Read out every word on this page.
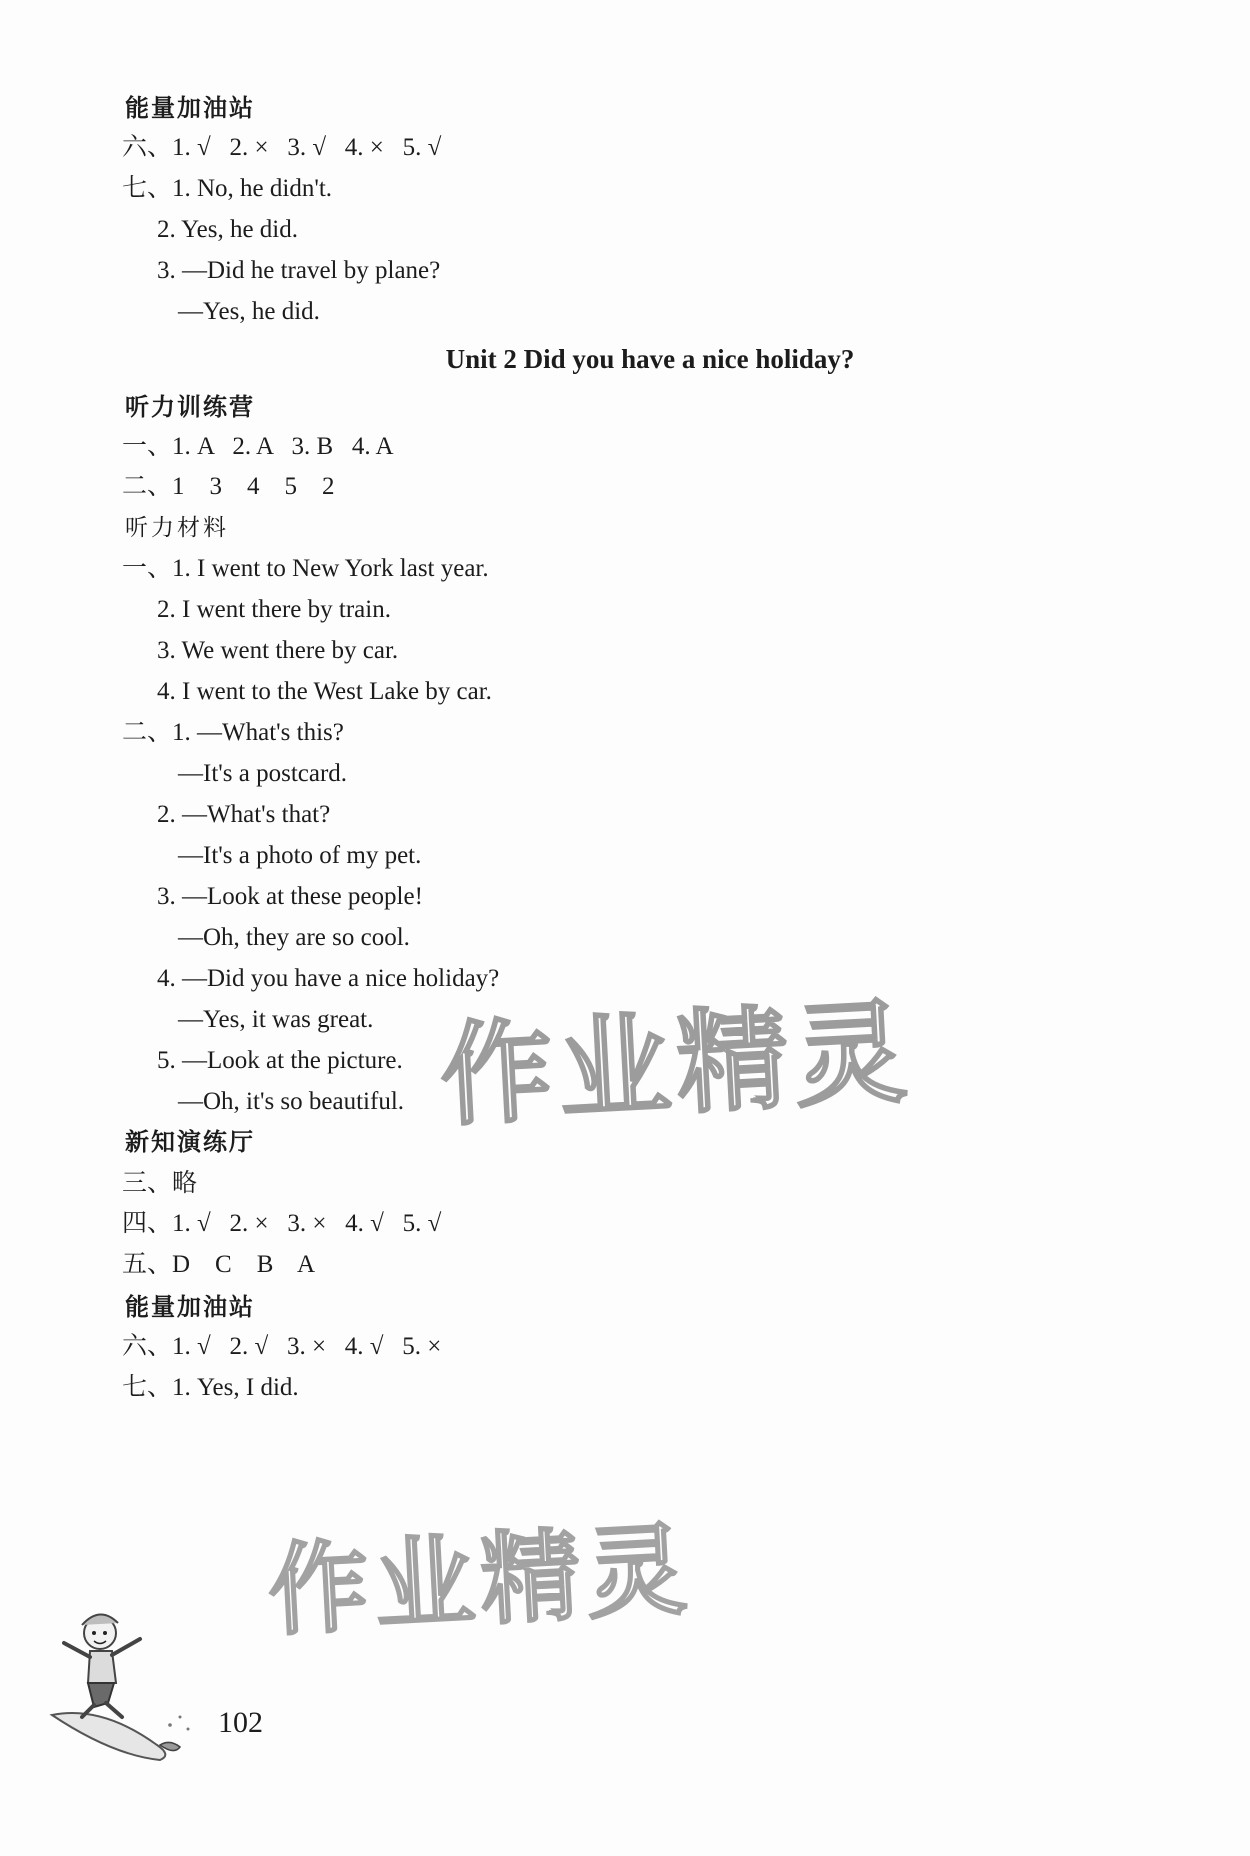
能量加油站
六、1. √   2. ×   3. √   4. ×   5. √
七、1. No, he didn't.
2. Yes, he did.
3. —Did he travel by plane?
—Yes, he did.
Unit 2 Did you have a nice holiday?
听力训练营
一、1. A   2. A   3. B   4. A
二、1    3    4    5    2
听力材料
一、1. I went to New York last year.
2. I went there by train.
3. We went there by car.
4. I went to the West Lake by car.
二、1. —What's this?
—It's a postcard.
2. —What's that?
—It's a photo of my pet.
3. —Look at these people!
—Oh, they are so cool.
4. —Did you have a nice holiday?
—Yes, it was great.
5. —Look at the picture.
—Oh, it's so beautiful.
新知演练厅
三、略
四、1. √   2. ×   3. ×   4. √   5. √
五、D    C    B    A
能量加油站
六、1. √   2. √   3. ×   4. √   5. ×
七、1. Yes, I did.
作业精灵
作业精灵
102
